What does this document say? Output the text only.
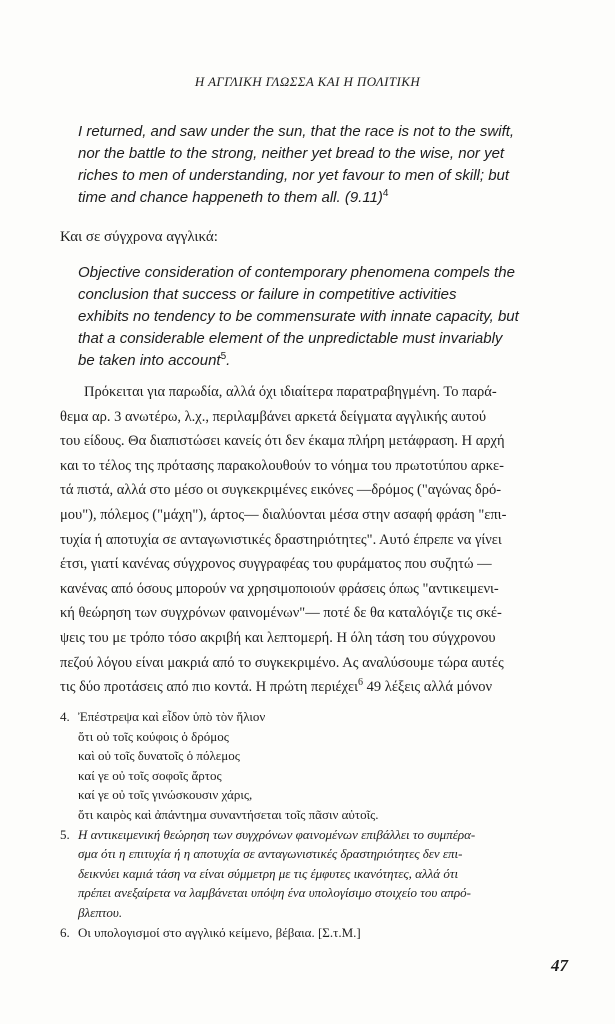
Η ΑΓΓΛΙΚΗ ΓΛΩΣΣΑ ΚΑΙ Η ΠΟΛΙΤΙΚΗ
I returned, and saw under the sun, that the race is not to the swift,
nor the battle to the strong, neither yet bread to the wise, nor yet
riches to men of understanding, nor yet favour to men of skill; but
time and chance happeneth to them all. $(9.11)^4$
Και σε σύγχρονα αγγλικά:
Objective consideration of contemporary phenomena compels the
conclusion that success or failure in competitive activities
exhibits no tendency to be commensurate with innate capacity, but
that a considerable element of the unpredictable must invariably
be taken into account$^5$.
Πρόκειται για παρωδία, αλλά όχι ιδιαίτερα παρατραβηγμένη. Το παρά-
θεμα αρ. 3 ανωτέρω, λ.χ., περιλαμβάνει αρκετά δείγματα αγγλικής αυτού
του είδους. Θα διαπιστώσει κανείς ότι δεν έκαμα πλήρη μετάφραση. Η αρχή
και το τέλος της πρότασης παρακολουθούν το νόημα του πρωτοτύπου αρκε-
τά πιστά, αλλά στο μέσο οι συγκεκριμένες εικόνες —δρόμος ("αγώνας δρό-
μου"), πόλεμος ("μάχη"), άρτος— διαλύονται μέσα στην ασαφή φράση "επι-
τυχία ή αποτυχία σε ανταγωνιστικές δραστηριότητες". Αυτό έπρεπε να γίνει
έτσι, γιατί κανένας σύγχρονος συγγραφέας του φυράματος που συζητώ —
κανένας από όσους μπορούν να χρησιμοποιούν φράσεις όπως "αντικειμενι-
κή θεώρηση των συγχρόνων φαινομένων"— ποτέ δε θα καταλόγιζε τις σκέ-
ψεις του με τρόπο τόσο ακριβή και λεπτομερή. Η όλη τάση του σύγχρονου
πεζού λόγου είναι μακριά από το συγκεκριμένο. Ας αναλύσουμε τώρα αυτές
τις δύο προτάσεις από πιο κοντά. Η πρώτη περιέχει$^6$ 49 λέξεις αλλά μόνον
4. Ἐπέστρεψα καὶ εἶδον ὑπὸ τὸν ἥλιον
ὅτι οὐ τοῖς κούφοις ὁ δρόμος
καὶ οὐ τοῖς δυνατοῖς ὁ πόλεμος
καί γε οὐ τοῖς σοφοῖς ἄρτος
καί γε οὐ τοῖς γινώσκουσιν χάρις,
ὅτι καιρὸς καὶ ἀπάντημα συναντήσεται τοῖς πᾶσιν αὐτοῖς.
5. Η αντικειμενική θεώρηση των συγχρόνων φαινομένων επιβάλλει το συμπέρα-
σμα ότι η επιτυχία ή η αποτυχία σε ανταγωνιστικές δραστηριότητες δεν επι-
δεικνύει καμιά τάση να είναι σύμμετρη με τις έμφυτες ικανότητες, αλλά ότι
πρέπει ανεξαίρετα να λαμβάνεται υπόψη ένα υπολογίσιμο στοιχείο του απρό-
βλεπτου.
6. Οι υπολογισμοί στο αγγλικό κείμενο, βέβαια. [Σ.τ.Μ.]
47
